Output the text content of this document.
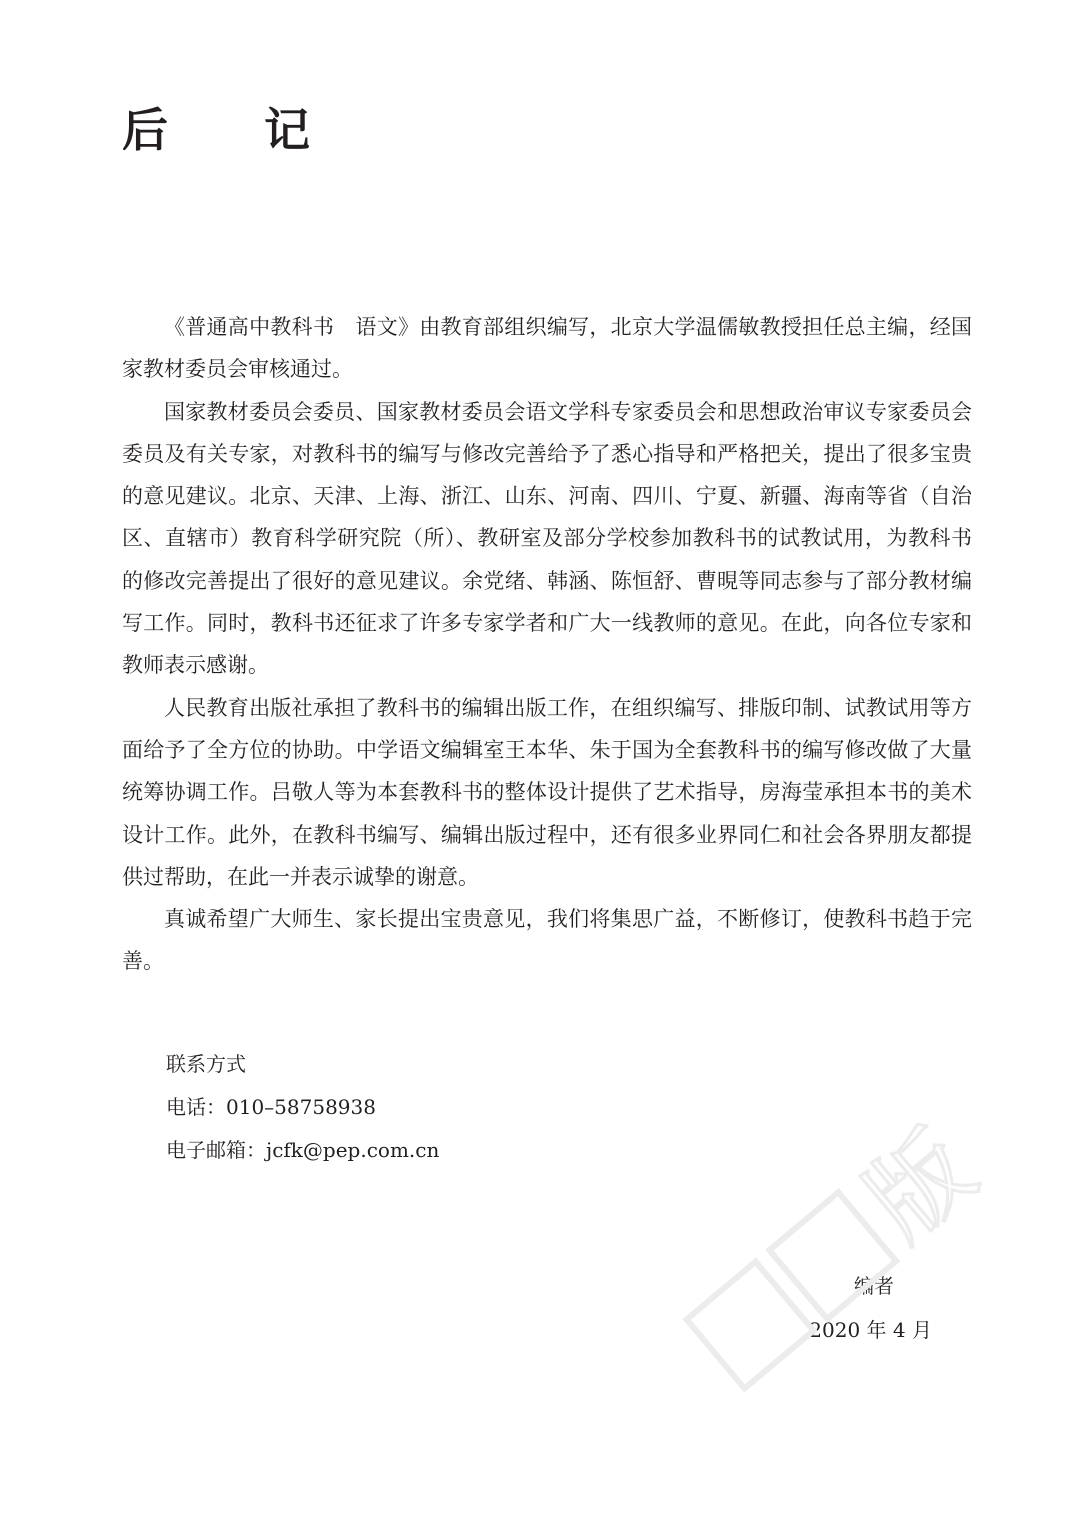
后 记

《普通高中教科书　语文》由教育部组织编写，北京大学温儒敏教授担任总主编，经国家教材委员会审核通过。

国家教材委员会委员、国家教材委员会语文学科专家委员会和思想政治审议专家委员会委员及有关专家，对教科书的编写与修改完善给予了悉心指导和严格把关，提出了很多宝贵的意见建议。北京、天津、上海、浙江、山东、河南、四川、宁夏、新疆、海南等省（自治区、直辖市）教育科学研究院（所）、教研室及部分学校参加教科书的试教试用，为教科书的修改完善提出了很好的意见建议。余党绪、韩涵、陈恒舒、曹晛等同志参与了部分教材编写工作。同时，教科书还征求了许多专家学者和广大一线教师的意见。在此，向各位专家和教师表示感谢。

人民教育出版社承担了教科书的编辑出版工作，在组织编写、排版印制、试教试用等方面给予了全方位的协助。中学语文编辑室王本华、朱于国为全套教科书的编写修改做了大量统筹协调工作。吕敬人等为本套教科书的整体设计提供了艺术指导，房海莹承担本书的美术设计工作。此外，在教科书编写、编辑出版过程中，还有很多业界同仁和社会各界朋友都提供过帮助，在此一并表示诚挚的谢意。

真诚希望广大师生、家长提出宝贵意见，我们将集思广益，不断修订，使教科书趋于完善。

联系方式
电话：010–58758938
电子邮箱：jcfk@pep.com.cn
编者
2020 年 4 月
版
